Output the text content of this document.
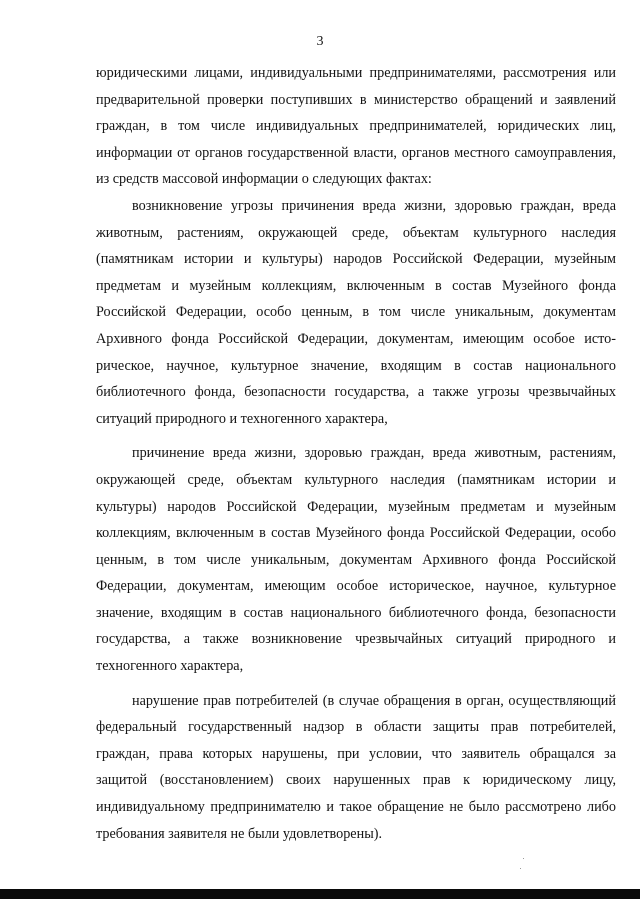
3

юридическими лицами, индивидуальными предпринимателями, рассмотрения или предварительной проверки поступивших в министерство обращений и заявлений граждан, в том числе индивидуальных предпринимателей, юридических лиц, информации от органов государственной власти, органов местного самоуправления, из средств массовой информации о следующих фактах:

возникновение угрозы причинения вреда жизни, здоровью граждан, вреда животным, растениям, окружающей среде, объектам культурного наследия (памятникам истории и культуры) народов Российской Федерации, музейным предметам и музейным коллекциям, включенным в состав Музейного фонда Российской Федерации, особо ценным, в том числе уникальным, документам Архивного фонда Российской Федерации, документам, имеющим особое историческое, научное, культурное значение, входящим в состав национального библиотечного фонда, безопасности государства, а также угрозы чрезвычайных ситуаций природного и техногенного характера,

причинение вреда жизни, здоровью граждан, вреда животным, растениям, окружающей среде, объектам культурного наследия (памятникам истории и культуры) народов Российской Федерации, музейным предметам и музейным коллекциям, включенным в состав Музейного фонда Российской Федерации, особо ценным, в том числе уникальным, документам Архивного фонда Российской Федерации, документам, имеющим особое историческое, научное, культурное значение, входящим в состав национального библиотечного фонда, безопасности государства, а также возникновение чрезвычайных ситуаций природного и техногенного характера,

нарушение прав потребителей (в случае обращения в орган, осуществляющий федеральный государственный надзор в области защиты прав потребителей, граждан, права которых нарушены, при условии, что заявитель обращался за защитой (восстановлением) своих нарушенных прав к юридическому лицу, индивидуальному предпринимателю и такое обращение не было рассмотрено либо требования заявителя не были удовлетворены).
